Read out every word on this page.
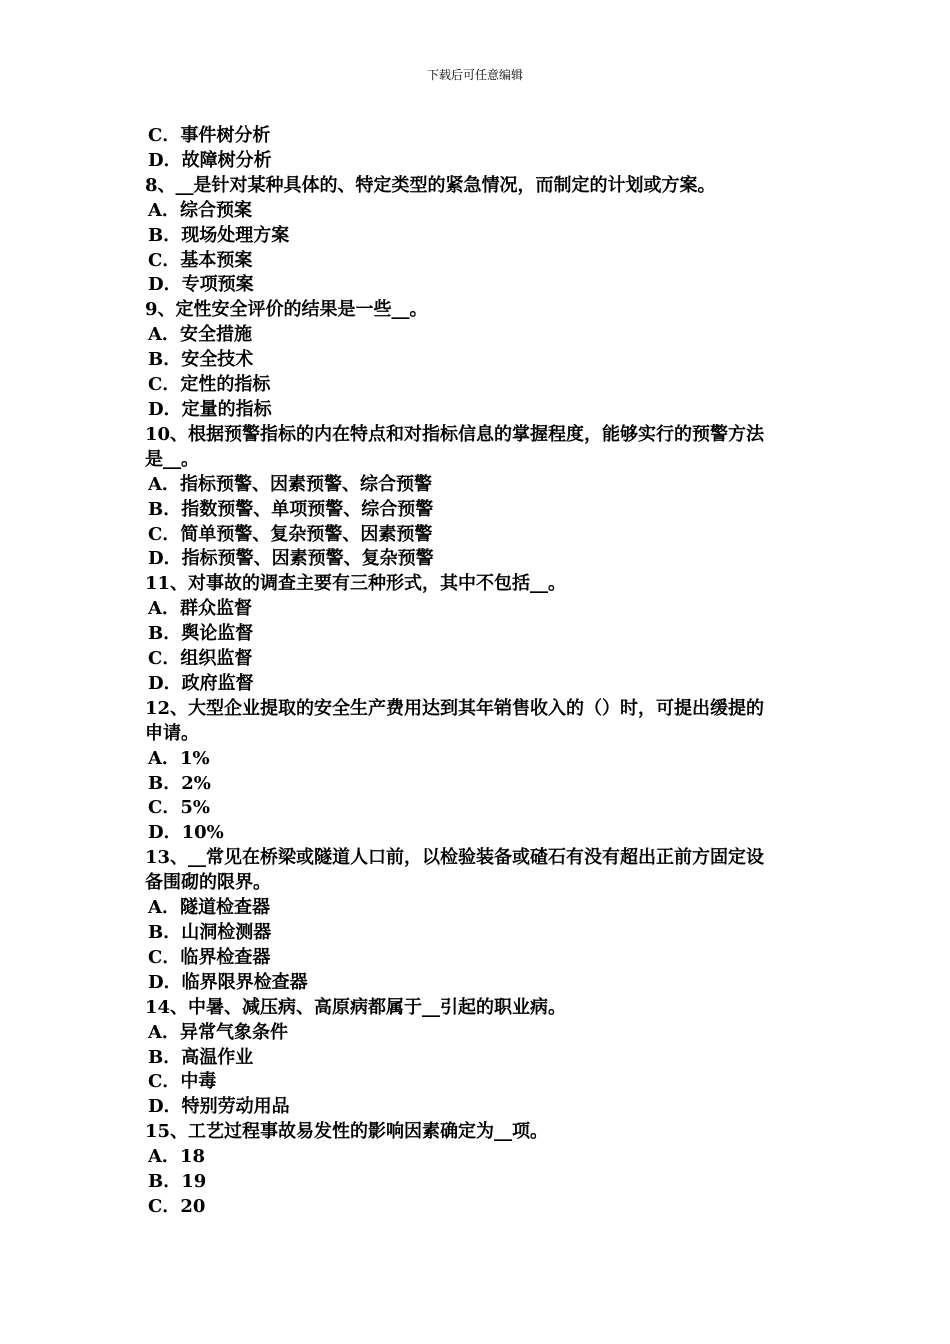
下载后可任意编辑
C．事件树分析
D．故障树分析
8、__是针对某种具体的、特定类型的紧急情况，而制定的计划或方案。
A．综合预案
B．现场处理方案
C．基本预案
D．专项预案
9、定性安全评价的结果是一些__。
A．安全措施
B．安全技术
C．定性的指标
D．定量的指标
10、根据预警指标的内在特点和对指标信息的掌握程度，能够实行的预警方法
是__。
A．指标预警、因素预警、综合预警
B．指数预警、单项预警、综合预警
C．简单预警、复杂预警、因素预警
D．指标预警、因素预警、复杂预警
11、对事故的调查主要有三种形式，其中不包括__。
A．群众监督
B．舆论监督
C．组织监督
D．政府监督
12、大型企业提取的安全生产费用达到其年销售收入的（）时，可提出缓提的
申请。
A．1%
B．2%
C．5%
D．10%
13、__常见在桥梁或隧道人口前，以检验装备或碴石有没有超出正前方固定设
备围砌的限界。
A．隧道检查器
B．山洞检测器
C．临界检查器
D．临界限界检查器
14、中暑、减压病、高原病都属于__引起的职业病。
A．异常气象条件
B．高温作业
C．中毒
D．特别劳动用品
15、工艺过程事故易发性的影响因素确定为__项。
A．18
B．19
C．20
